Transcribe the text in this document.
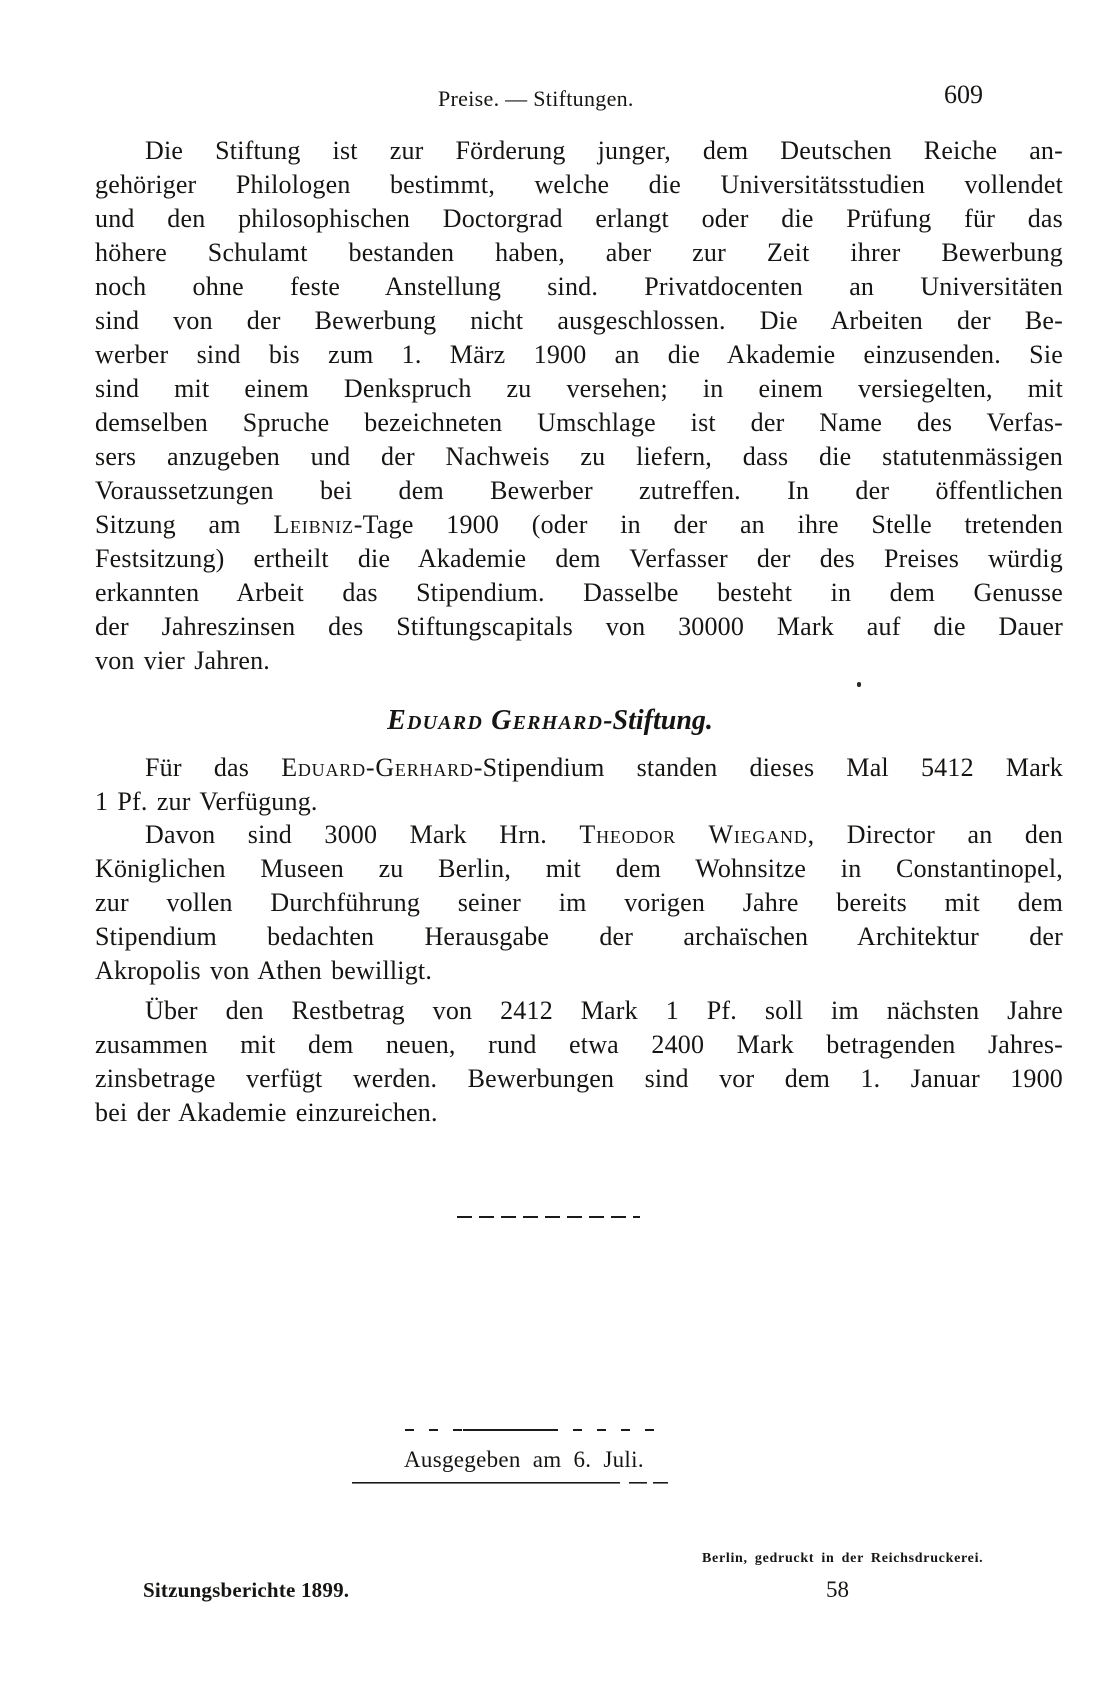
Preise. — Stiftungen.	609
Die Stiftung ist zur Förderung junger, dem Deutschen Reiche an-
gehöriger Philologen bestimmt, welche die Universitätsstudien vollendet
und den philosophischen Doctorgrad erlangt oder die Prüfung für das
höhere Schulamt bestanden haben, aber zur Zeit ihrer Bewerbung
noch ohne feste Anstellung sind. Privatdocenten an Universitäten
sind von der Bewerbung nicht ausgeschlossen. Die Arbeiten der Be-
werber sind bis zum 1. März 1900 an die Akademie einzusenden. Sie
sind mit einem Denkspruch zu versehen; in einem versiegelten, mit
demselben Spruche bezeichneten Umschlage ist der Name des Verfas-
sers anzugeben und der Nachweis zu liefern, dass die statutenmässigen
Voraussetzungen bei dem Bewerber zutreffen. In der öffentlichen
Sitzung am Leibniz-Tage 1900 (oder in der an ihre Stelle tretenden
Festsitzung) ertheilt die Akademie dem Verfasser der des Preises würdig
erkannten Arbeit das Stipendium. Dasselbe besteht in dem Genusse
der Jahreszinsen des Stiftungscapitals von 30000 Mark auf die Dauer
von vier Jahren.
Eduard Gerhard-Stiftung.
Für das Eduard-Gerhard-Stipendium standen dieses Mal 5412 Mark
1 Pf. zur Verfügung.
Davon sind 3000 Mark Hrn. Theodor Wiegand, Director an den
Königlichen Museen zu Berlin, mit dem Wohnsitze in Constantinopel,
zur vollen Durchführung seiner im vorigen Jahre bereits mit dem
Stipendium bedachten Herausgabe der archaïschen Architektur der
Akropolis von Athen bewilligt.
Über den Restbetrag von 2412 Mark 1 Pf. soll im nächsten Jahre
zusammen mit dem neuen, rund etwa 2400 Mark betragenden Jahres-
zinsbetrage verfügt werden. Bewerbungen sind vor dem 1. Januar 1900
bei der Akademie einzureichen.
Ausgegeben am 6. Juli.
Berlin, gedruckt in der Reichsdruckerei.
Sitzungsberichte 1899.	58
